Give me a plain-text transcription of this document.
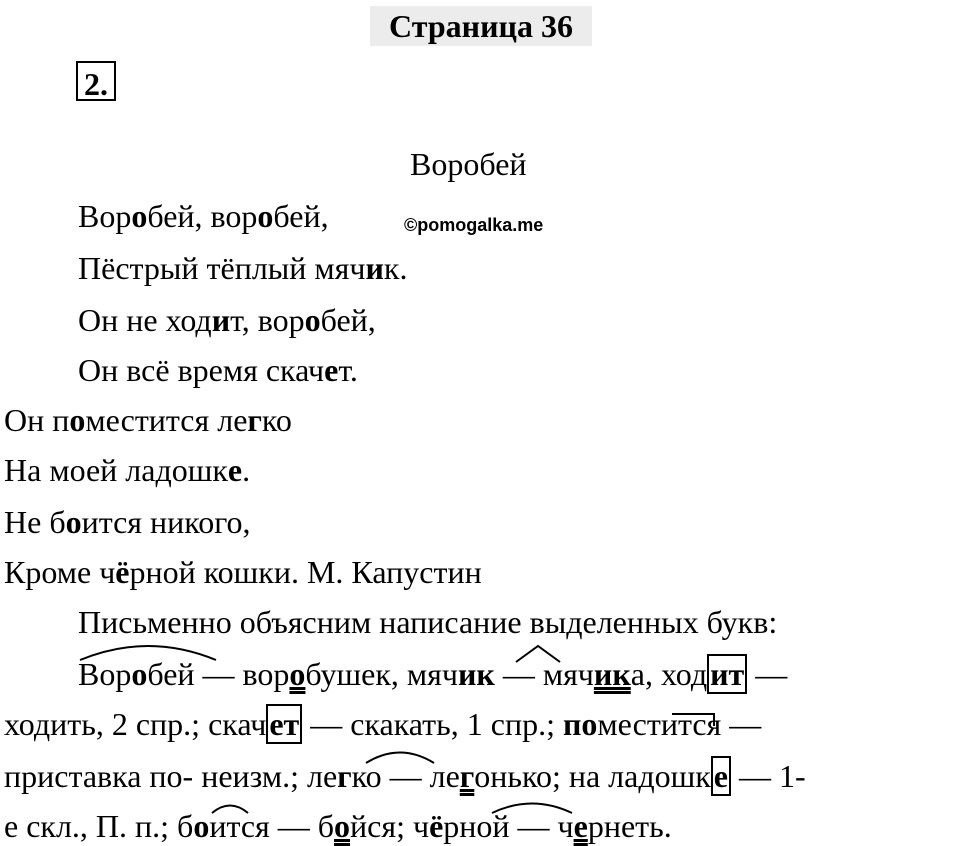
Страница 36
2.
Воробей
Воробей, воробей,	©pomogalka.me
Пёстрый тёплый мячик.
Он не ходит, воробей,
Он всё время скачет.
Он поместится легко
На моей ладошке.
Не боится никого,
Кроме чёрной кошки. М. Капустин
Письменно объясним написание выделенных букв:
Воробей — воробушек, мячик — мячика, ходит —
ходить, 2 спр.; скачет — скакать, 1 спр.; поместится —
приставка по- неизм.; легко — легонько; на ладошке — 1-
е скл., П. п.; боится — бойся; чёрной — чернеть.
